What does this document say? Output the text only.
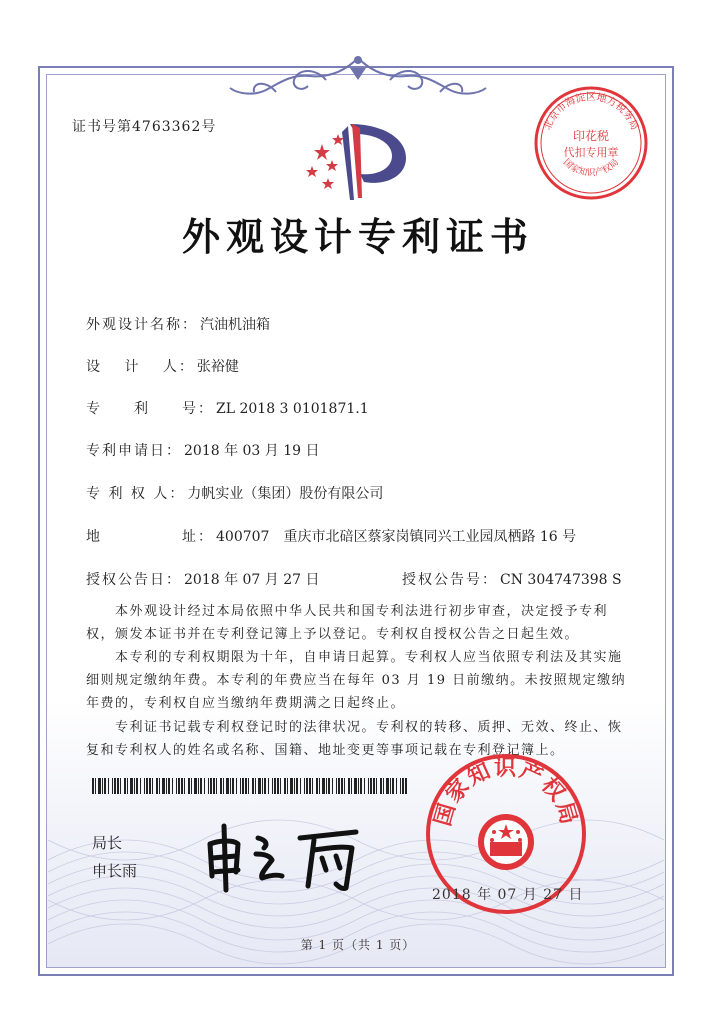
证书号第4763362号	北京市海淀区地方税务局
印花税
代扣专用章
国家知识产权局
外观设计专利证书
外观设计名称： 汽油机油箱
设　 计　 人： 张裕健
专　　利　　号： ZL 2018 3 0101871.1
专利申请日： 2018 年 03 月 19 日
专 利 权 人： 力帆实业（集团）股份有限公司
地　　　　　址： 400707　重庆市北碚区蔡家岗镇同兴工业园凤栖路 16 号
授权公告日： 2018 年 07 月 27 日	授权公告号： CN 304747398 S
　　本外观设计经过本局依照中华人民共和国专利法进行初步审查，决定授予专利权，颁发本证书并在专利登记簿上予以登记。专利权自授权公告之日起生效。
　　本专利的专利权期限为十年，自申请日起算。专利权人应当依照专利法及其实施细则规定缴纳年费。本专利的年费应当在每年 03 月 19 日前缴纳。未按照规定缴纳年费的，专利权自应当缴纳年费期满之日起终止。
　　专利证书记载专利权登记时的法律状况。专利权的转移、质押、无效、终止、恢复和专利权人的姓名或名称、国籍、地址变更等事项记载在专利登记簿上。
局长
申长雨
国家知识产权局
2018 年 07 月 27 日
第 1 页（共 1 页）
